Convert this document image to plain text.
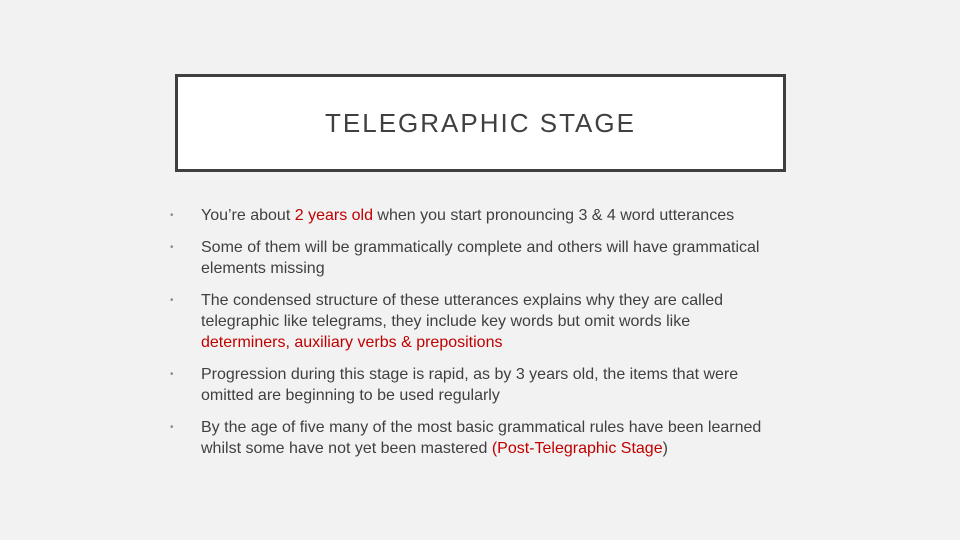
TELEGRAPHIC STAGE
•	You’re about 2 years old when you start pronouncing 3 & 4 word utterances
•	Some of them will be grammatically complete and others will have grammatical elements missing
•	The condensed structure of these utterances explains why they are called telegraphic like telegrams, they include key words but omit words like determiners, auxiliary verbs & prepositions
•	Progression during this stage is rapid, as by 3 years old, the items that were omitted are beginning to be used regularly
•	By the age of five many of the most basic grammatical rules have been learned whilst some have not yet been mastered (Post-Telegraphic Stage)
